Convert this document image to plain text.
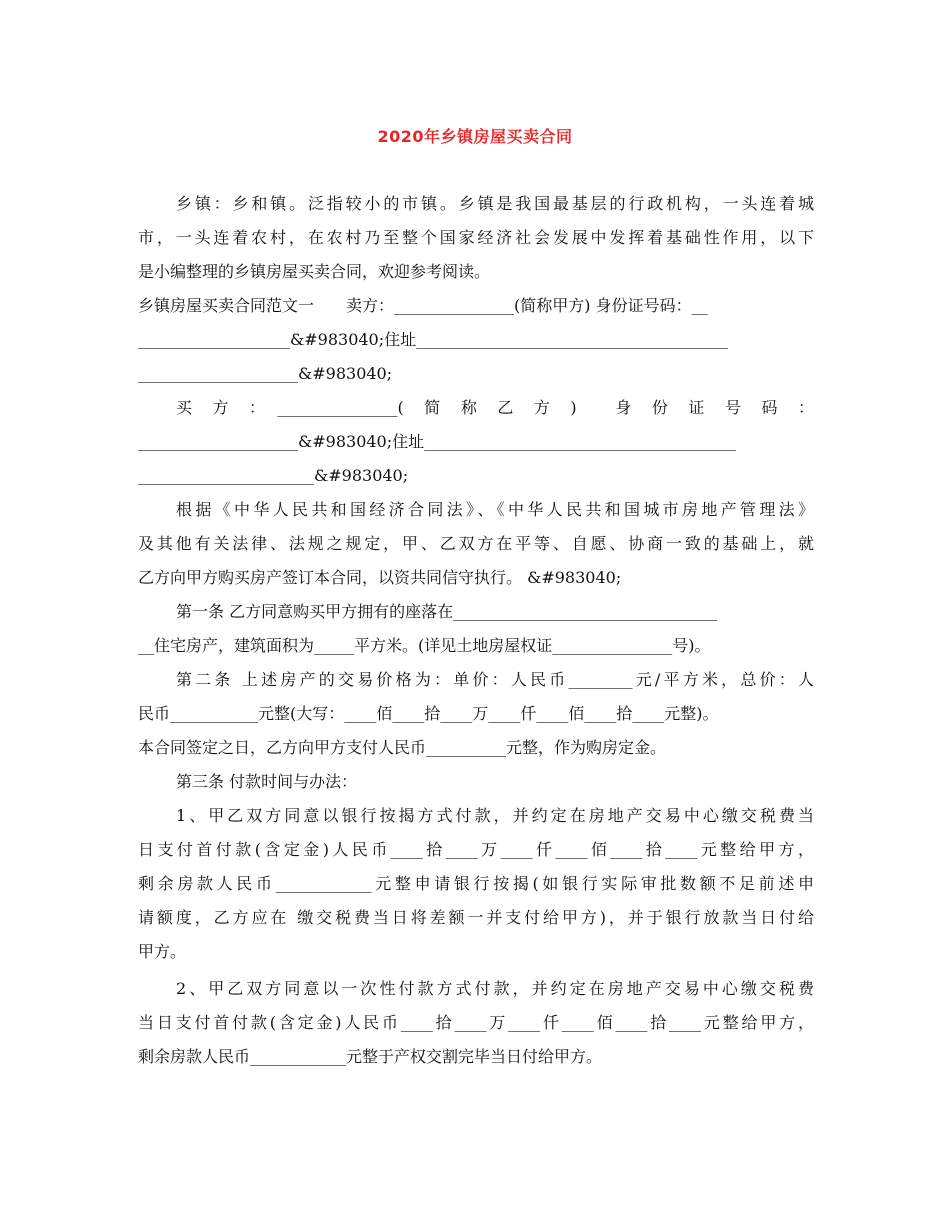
2020年乡镇房屋买卖合同
乡镇：乡和镇。泛指较小的市镇。乡镇是我国最基层的行政机构，一头连着城
市，一头连着农村，在农村乃至整个国家经济社会发展中发挥着基础性作用，以下
是小编整理的乡镇房屋买卖合同，欢迎参考阅读。
乡镇房屋买卖合同范文一　　卖方：_______________(简称甲方) 身份证号码：__
___________________&#983040;住址_______________________________________
____________________&#983040;
买　方　：　_______________(　简　称　乙　方　)　　身　份　证　号　码　：
____________________&#983040;住址_______________________________________
______________________&#983040;
根据《中华人民共和国经济合同法》、《中华人民共和国城市房地产管理法》
及其他有关法律、法规之规定，甲、乙双方在平等、自愿、协商一致的基础上，就
乙方向甲方购买房产签订本合同，以资共同信守执行。 &#983040;
第一条 乙方同意购买甲方拥有的座落在_________________________________
__住宅房产，建筑面积为_____平方米。(详见土地房屋权证_______________号)。
第二条 上述房产的交易价格为：单价：人民币________元/平方米，总价：人
民币___________元整(大写：____佰____拾____万____仟____佰____拾____元整)。
本合同签定之日，乙方向甲方支付人民币__________元整，作为购房定金。
第三条 付款时间与办法：
1、甲乙双方同意以银行按揭方式付款，并约定在房地产交易中心缴交税费当
日支付首付款(含定金)人民币____拾____万____仟____佰____拾____元整给甲方，
剩余房款人民币____________元整申请银行按揭(如银行实际审批数额不足前述申
请额度，乙方应在 缴交税费当日将差额一并支付给甲方)，并于银行放款当日付给
甲方。
2、甲乙双方同意以一次性付款方式付款，并约定在房地产交易中心缴交税费
当日支付首付款(含定金)人民币____拾____万____仟____佰____拾____元整给甲方，
剩余房款人民币____________元整于产权交割完毕当日付给甲方。
